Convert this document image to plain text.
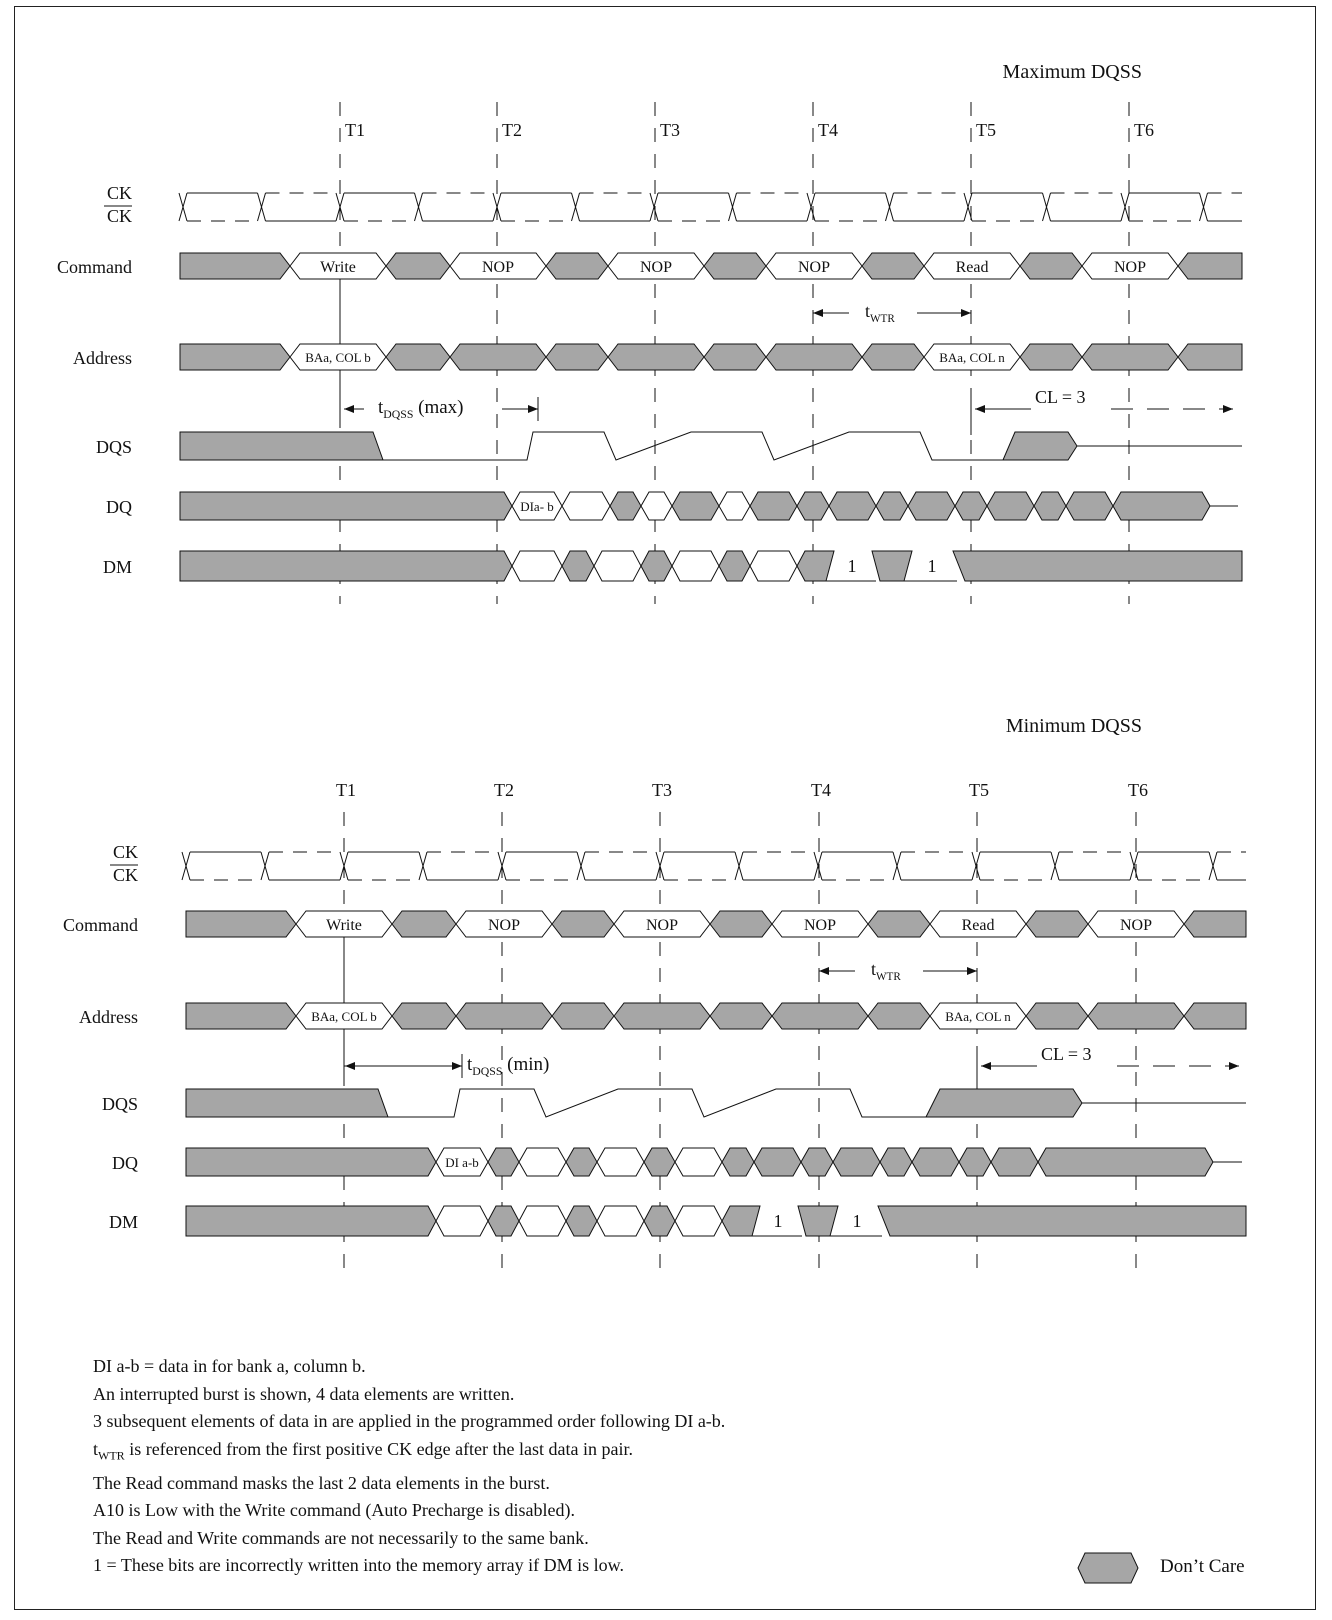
Maximum DQSS
T1	T2	T3	T4	T5	T6
CK
CK
Command
Address
DQS
DQ
DM
Write	NOP	NOP	NOP	Read	NOP
$t_{WTR}$
BAa, COL b	BAa, COL n
$t_{DQSS}$ (max)	CL = 3
DIa- b
1	1
Minimum DQSS
T1	T2	T3	T4	T5	T6
CK
CK
Command
Address
DQS
DQ
DM
Write	NOP	NOP	NOP	Read	NOP
$t_{WTR}$
BAa, COL b	BAa, COL n
$t_{DQSS}$ (min)	CL = 3
DI a-b
1	1
DI a-b = data in for bank a, column b.
An interrupted burst is shown, 4 data elements are written.
3 subsequent elements of data in are applied in the programmed order following DI a-b.
$t_{WTR}$ is referenced from the first positive CK edge after the last data in pair.
The Read command masks the last 2 data elements in the burst.
A10 is Low with the Write command (Auto Precharge is disabled).
The Read and Write commands are not necessarily to the same bank.
1 = These bits are incorrectly written into the memory array if DM is low.	Don’t Care
